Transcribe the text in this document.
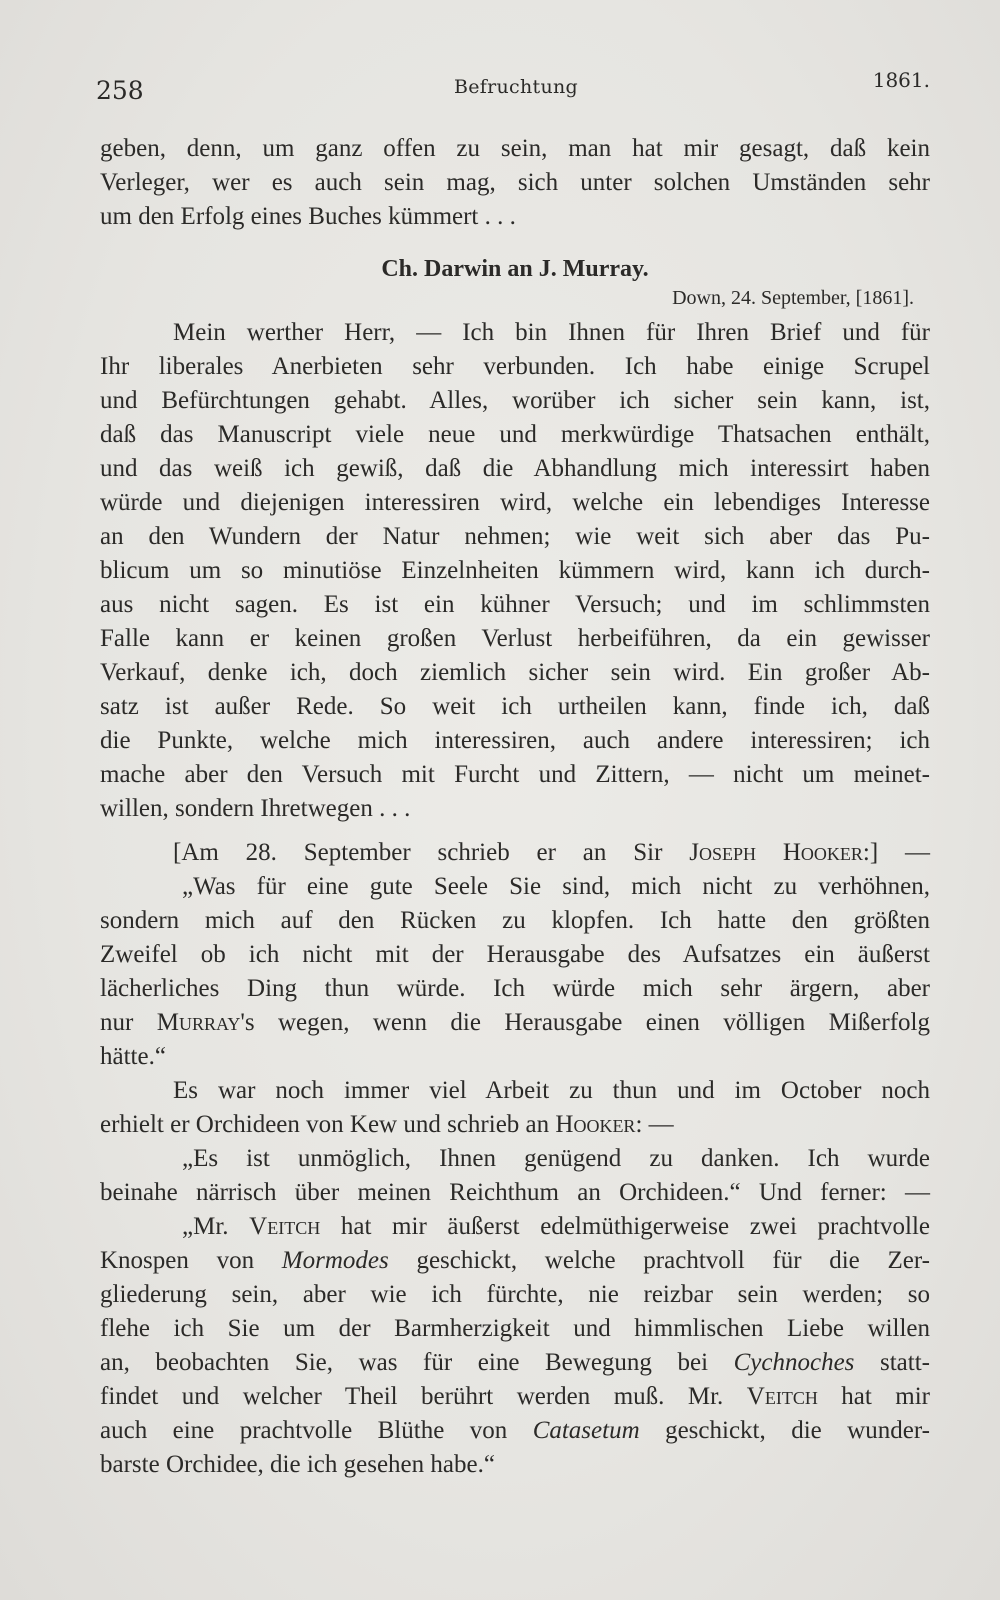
258	Befruchtung	1861.
Ch. Darwin an J. Murray.
Down, 24. September, [1861].
geben, denn, um ganz offen zu sein, man hat mir gesagt, daß kein
Verleger, wer es auch sein mag, sich unter solchen Umständen sehr
um den Erfolg eines Buches kümmert . . .
Mein werther Herr, — Ich bin Ihnen für Ihren Brief und für
Ihr liberales Anerbieten sehr verbunden. Ich habe einige Scrupel
und Befürchtungen gehabt. Alles, worüber ich sicher sein kann, ist,
daß das Manuscript viele neue und merkwürdige Thatsachen enthält,
und das weiß ich gewiß, daß die Abhandlung mich interessirt haben
würde und diejenigen interessiren wird, welche ein lebendiges Interesse
an den Wundern der Natur nehmen; wie weit sich aber das Pu-
blicum um so minutiöse Einzelnheiten kümmern wird, kann ich durch-
aus nicht sagen. Es ist ein kühner Versuch; und im schlimmsten
Falle kann er keinen großen Verlust herbeiführen, da ein gewisser
Verkauf, denke ich, doch ziemlich sicher sein wird. Ein großer Ab-
satz ist außer Rede. So weit ich urtheilen kann, finde ich, daß
die Punkte, welche mich interessiren, auch andere interessiren; ich
mache aber den Versuch mit Furcht und Zittern, — nicht um meinet-
willen, sondern Ihretwegen . . .
[Am 28. September schrieb er an Sir Joseph Hooker:] —
„Was für eine gute Seele Sie sind, mich nicht zu verhöhnen,
sondern mich auf den Rücken zu klopfen. Ich hatte den größten
Zweifel ob ich nicht mit der Herausgabe des Aufsatzes ein äußerst
lächerliches Ding thun würde. Ich würde mich sehr ärgern, aber
nur Murray's wegen, wenn die Herausgabe einen völligen Mißerfolg
hätte.“
Es war noch immer viel Arbeit zu thun und im October noch
erhielt er Orchideen von Kew und schrieb an Hooker: —
„Es ist unmöglich, Ihnen genügend zu danken. Ich wurde
beinahe närrisch über meinen Reichthum an Orchideen.“ Und ferner: —
„Mr. Veitch hat mir äußerst edelmüthigerweise zwei prachtvolle
Knospen von Mormodes geschickt, welche prachtvoll für die Zer-
gliederung sein, aber wie ich fürchte, nie reizbar sein werden; so
flehe ich Sie um der Barmherzigkeit und himmlischen Liebe willen
an, beobachten Sie, was für eine Bewegung bei Cychnoches statt-
findet und welcher Theil berührt werden muß. Mr. Veitch hat mir
auch eine prachtvolle Blüthe von Catasetum geschickt, die wunder-
barste Orchidee, die ich gesehen habe.“
